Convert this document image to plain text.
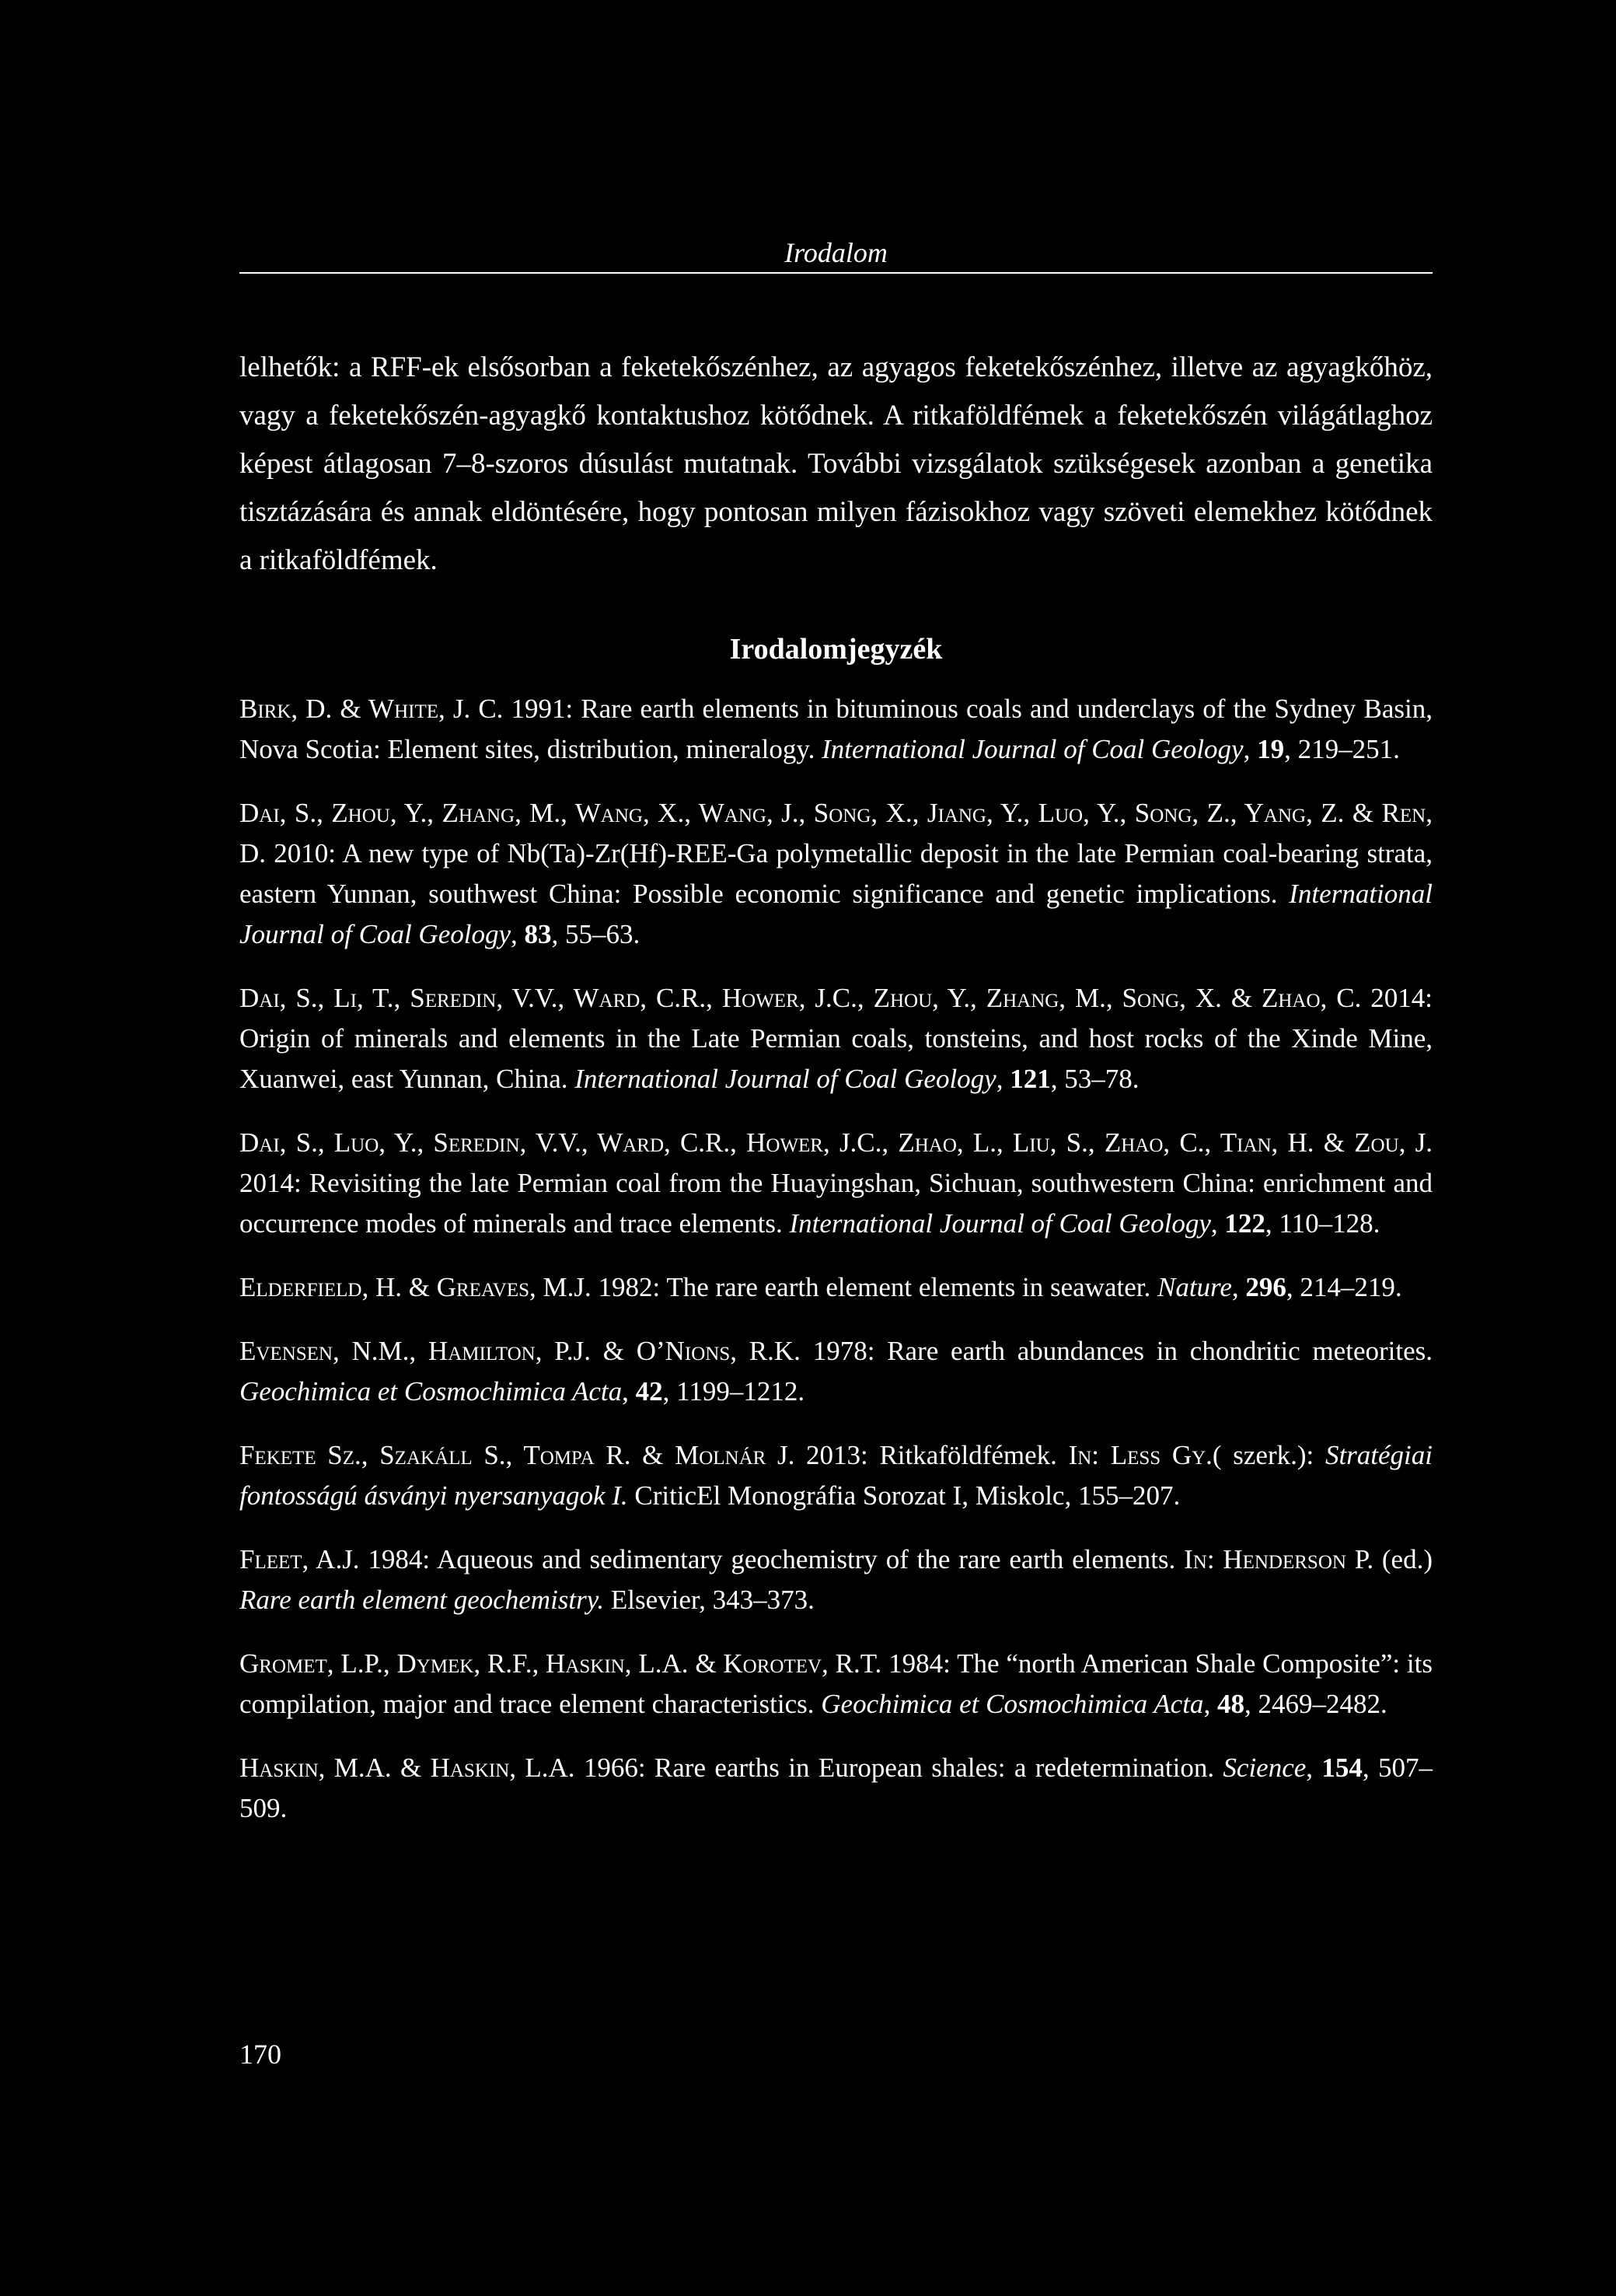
Irodalom

lelhetők: a RFF-ek elsősorban a feketekőszénhez, az agyagos feketekőszénhez, illetve az agyagkőhöz, vagy a feketekőszén-agyagkő kontaktushoz kötődnek. A ritkaföldfémek a feketekőszén világátlaghoz képest átlagosan 7–8-szoros dúsulást mutatnak. További vizsgálatok szükségesek azonban a genetika tisztázására és annak eldöntésére, hogy pontosan milyen fázisokhoz vagy szöveti elemekhez kötődnek a ritkaföldfémek.

Irodalomjegyzék
Birk, D. & White, J. C. 1991: Rare earth elements in bituminous coals and underclays of the Sydney Basin, Nova Scotia: Element sites, distribution, mineralogy. International Journal of Coal Geology, 19, 219–251.
Dai, S., Zhou, Y., Zhang, M., Wang, X., Wang, J., Song, X., Jiang, Y., Luo, Y., Song, Z., Yang, Z. & Ren, D. 2010: A new type of Nb(Ta)-Zr(Hf)-REE-Ga polymetallic deposit in the late Permian coal-bearing strata, eastern Yunnan, southwest China: Possible economic significance and genetic implications. International Journal of Coal Geology, 83, 55–63.
Dai, S., Li, T., Seredin, V.V., Ward, C.R., Hower, J.C., Zhou, Y., Zhang, M., Song, X. & Zhao, C. 2014: Origin of minerals and elements in the Late Permian coals, tonsteins, and host rocks of the Xinde Mine, Xuanwei, east Yunnan, China. International Journal of Coal Geology, 121, 53–78.
Dai, S., Luo, Y., Seredin, V.V., Ward, C.R., Hower, J.C., Zhao, L., Liu, S., Zhao, C., Tian, H. & Zou, J. 2014: Revisiting the late Permian coal from the Huayingshan, Sichuan, southwestern China: enrichment and occurrence modes of minerals and trace elements. International Journal of Coal Geology, 122, 110–128.
Elderfield, H. & Greaves, M.J. 1982: The rare earth element elements in seawater. Nature, 296, 214–219.
Evensen, N.M., Hamilton, P.J. & O’Nions, R.K. 1978: Rare earth abundances in chondritic meteorites. Geochimica et Cosmochimica Acta, 42, 1199–1212.
Fekete Sz., Szakáll S., Tompa R. & Molnár J. 2013: Ritkaföldfémek. In: Less Gy.( szerk.): Stratégiai fontosságú ásványi nyersanyagok I. CriticEl Monográfia Sorozat I, Miskolc, 155–207.
Fleet, A.J. 1984: Aqueous and sedimentary geochemistry of the rare earth elements. In: Henderson P. (ed.) Rare earth element geochemistry. Elsevier, 343–373.
Gromet, L.P., Dymek, R.F., Haskin, L.A. & Korotev, R.T. 1984: The “north American Shale Composite”: its compilation, major and trace element characteristics. Geochimica et Cosmochimica Acta, 48, 2469–2482.
Haskin, M.A. & Haskin, L.A. 1966: Rare earths in European shales: a redetermination. Science, 154, 507–509.
170
